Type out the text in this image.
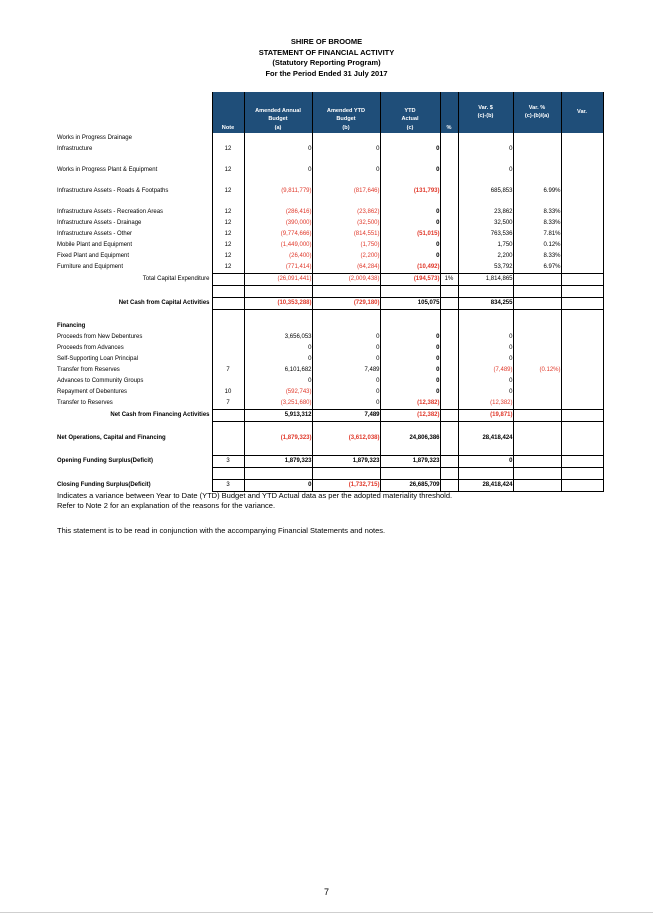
SHIRE OF BROOME
STATEMENT OF FINANCIAL ACTIVITY
(Statutory Reporting Program)
For the Period Ended 31 July 2017
	Note	Amended Annual
Budget
(a)	Amended YTD
Budget
(b)	YTD
Actual
(c)	%	Var. $
(c)-(b)	Var. %
(c)-(b)/(a)	Var.
Works in Progress Drainage								
Infrastructure	12	0	0	0		0		

Works in Progress Plant & Equipment	12	0	0	0		0		

Infrastructure Assets - Roads & Footpaths	12	(9,811,779)	(817,646)	(131,793)		685,853	6.99%	

Infrastructure Assets - Recreation Areas	12	(286,416)	(23,862)	0		23,862	8.33%	
Infrastructure Assets - Drainage	12	(390,000)	(32,500)	0		32,500	8.33%	
Infrastructure Assets - Other	12	(9,774,666)	(814,551)	(51,015)		763,536	7.81%	
Mobile Plant and Equipment	12	(1,449,000)	(1,750)	0		1,750	0.12%	
Fixed Plant and Equipment	12	(26,400)	(2,200)	0		2,200	8.33%	
Furniture and Equipment	12	(771,414)	(64,284)	(10,492)		53,792	6.97%	
Total Capital Expenditure		(26,091,441)	(2,009,438)	(194,573)	1%	1,814,865		

Net Cash from Capital Activities		(10,353,288)	(729,180)	105,075		834,255		

Financing								
Proceeds from New Debentures		3,656,053	0	0		0		
Proceeds from Advances		0	0	0		0		
Self-Supporting Loan Principal		0	0	0		0		
Transfer from Reserves	7	6,101,682	7,489	0		(7,489)	(0.12%)	
Advances to Community Groups		0	0	0		0		
Repayment of Debentures	10	(592,743)	0	0		0		
Transfer to Reserves	7	(3,251,680)	0	(12,382)		(12,382)		
Net Cash from Financing Activities		5,913,312	7,489	(12,382)		(19,871)		

Net Operations, Capital and Financing		(1,879,323)	(3,612,038)	24,806,386		28,418,424		

Opening Funding Surplus(Deficit)	3	1,879,323	1,879,323	1,879,323		0		

Closing Funding Surplus(Deficit)	3	0	(1,732,715)	26,685,709		28,418,424		
Indicates a variance between Year to Date (YTD) Budget and YTD Actual data as per the adopted materiality threshold.
Refer to Note 2 for an explanation of the reasons for the variance.
This statement is to be read in conjunction with the accompanying Financial Statements and notes.
7
